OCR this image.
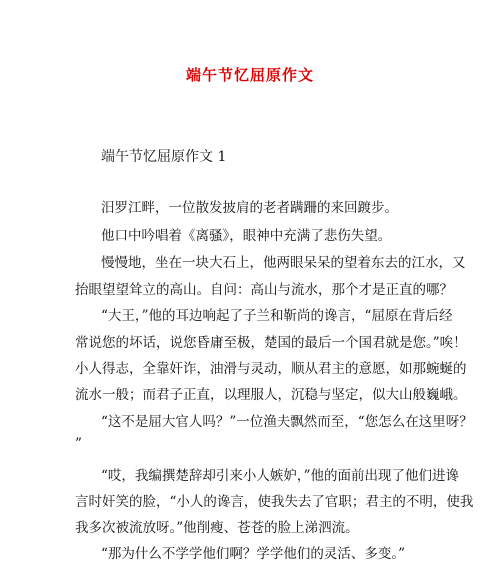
端午节忆屈原作文
端午节忆屈原作文 1
汨罗江畔，一位散发披肩的老者蹒跚的来回踱步。
他口中吟唱着《离骚》，眼神中充满了悲伤失望。
慢慢地，坐在一块大石上，他两眼呆呆的望着东去的江水，又
抬眼望望耸立的高山。自问：高山与流水，那个才是正直的哪？
“大王，”他的耳边响起了子兰和靳尚的谗言，“屈原在背后经
常说您的坏话，说您昏庸至极，楚国的最后一个国君就是您。”唉！
小人得志，全靠奸诈，油滑与灵动，顺从君主的意愿，如那蜿蜒的
流水一般；而君子正直，以理服人，沉稳与坚定，似大山般巍峨。
“这不是屈大官人吗？”一位渔夫飘然而至，“您怎么在这里呀？
”
“哎，我编撰楚辞却引来小人嫉妒，”他的面前出现了他们进谗
言时奸笑的脸，“小人的谗言，使我失去了官职；君主的不明，使我
我多次被流放呀。”他削瘦、苍苍的脸上涕泗流。
“那为什么不学学他们啊？学学他们的灵活、多变。”
